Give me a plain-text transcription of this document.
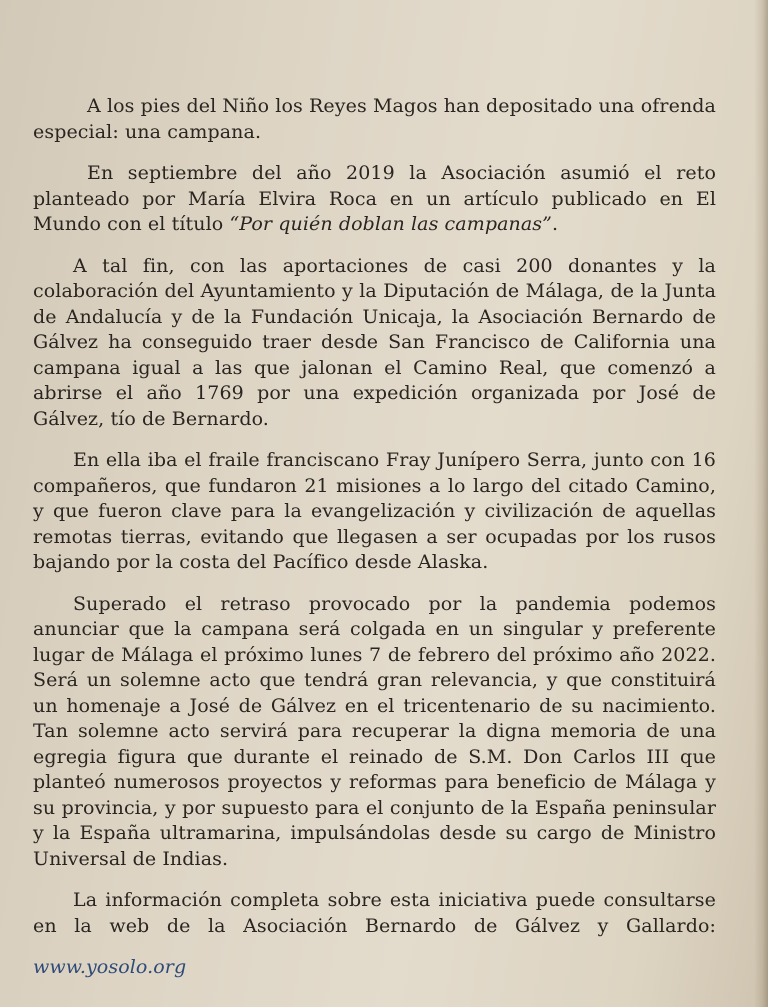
A los pies del Niño los Reyes Magos han depositado una ofrenda especial: una campana.

En septiembre del año 2019 la Asociación asumió el reto planteado por María Elvira Roca en un artículo publicado en El Mundo con el título “Por quién doblan las campanas”.

A tal fin, con las aportaciones de casi 200 donantes y la colaboración del Ayuntamiento y la Diputación de Málaga, de la Junta de Andalucía y de la Fundación Unicaja, la Asociación Bernardo de Gálvez ha conseguido traer desde San Francisco de California una campana igual a las que jalonan el Camino Real, que comenzó a abrirse el año 1769 por una expedición organizada por José de Gálvez, tío de Bernardo.

En ella iba el fraile franciscano Fray Junípero Serra, junto con 16 compañeros, que fundaron 21 misiones a lo largo del citado Camino, y que fueron clave para la evangelización y civilización de aquellas remotas tierras, evitando que llegasen a ser ocupadas por los rusos bajando por la costa del Pacífico desde Alaska.

Superado el retraso provocado por la pandemia podemos anunciar que la campana será colgada en un singular y preferente lugar de Málaga el próximo lunes 7 de febrero del próximo año 2022. Será un solemne acto que tendrá gran relevancia, y que constituirá un homenaje a José de Gálvez en el tricentenario de su nacimiento. Tan solemne acto servirá para recuperar la digna memoria de una egregia figura que durante el reinado de S.M. Don Carlos III que planteó numerosos proyectos y reformas para beneficio de Málaga y su provincia, y por supuesto para el conjunto de la España peninsular y la España ultramarina, impulsándolas desde su cargo de Ministro Universal de Indias.

La información completa sobre esta iniciativa puede consultarse en la web de la Asociación Bernardo de Gálvez y Gallardo:

www.yosolo.org
